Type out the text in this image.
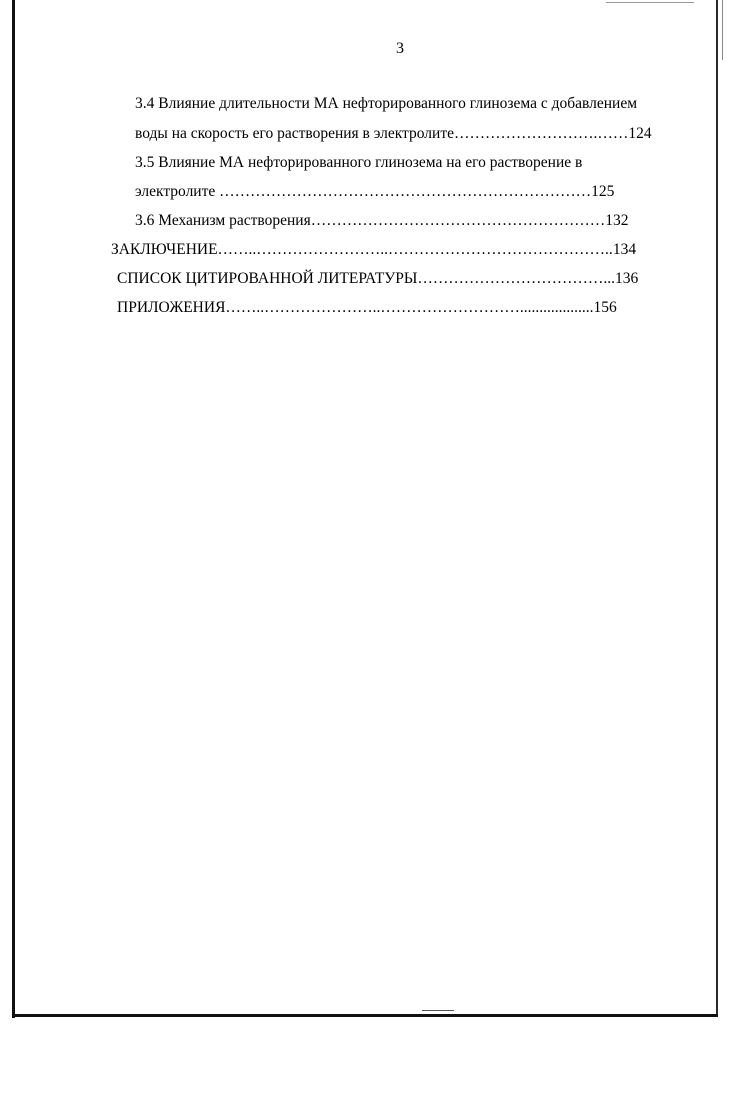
3
3.4 Влияние длительности МА нефторированного глинозема с добавлением
воды на скорость его растворения в электролите……………………….……124
3.5 Влияние МА нефторированного глинозема на его растворение в
электролите ………………………………………………………………125
3.6 Механизм растворения…………………………………………………132
ЗАКЛЮЧЕНИЕ……..……………………..……………………………………..134
СПИСОК ЦИТИРОВАННОЙ ЛИТЕРАТУРЫ………………………………...136
ПРИЛОЖЕНИЯ……..…………………..………………………...................156
